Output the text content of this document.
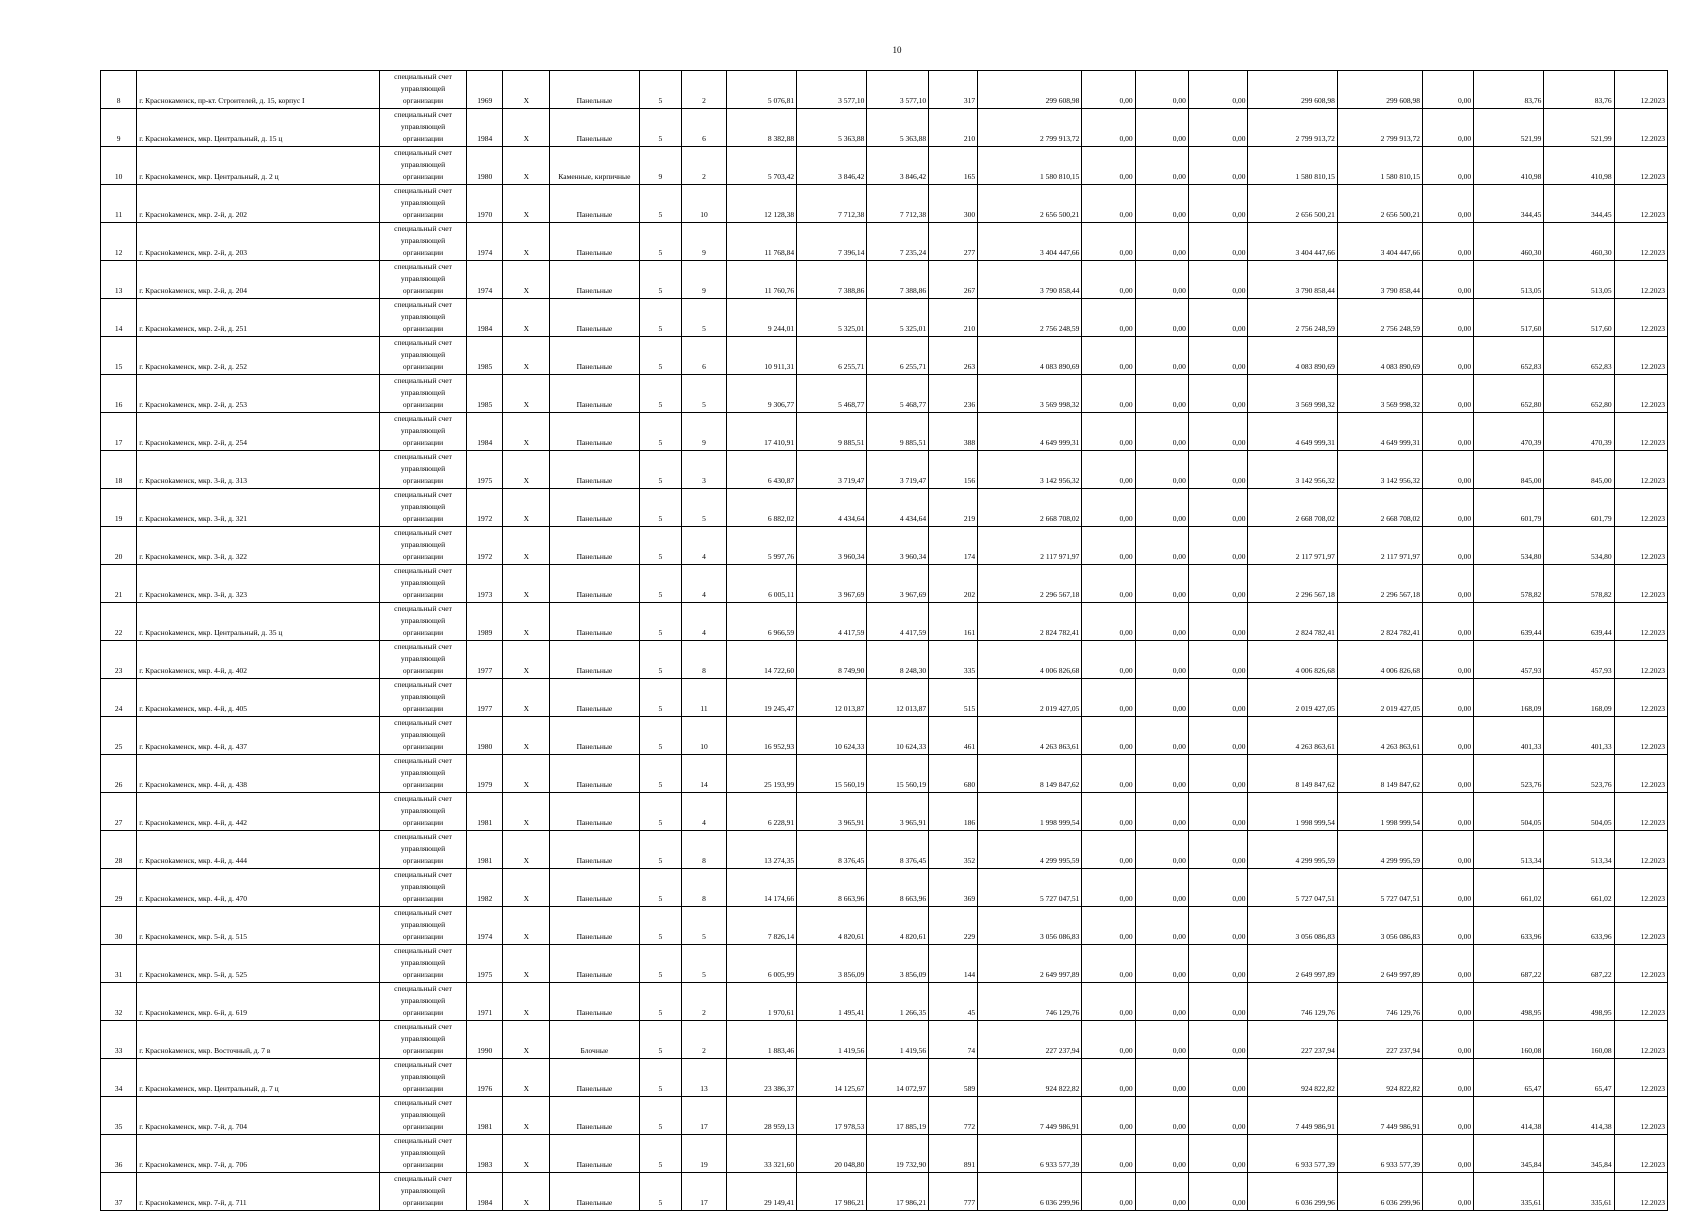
10
8	г. Краснокаменск, пр-кт. Строителей, д. 15, корпус I	специальный счет управляющей организации	1969	Х	Панельные	5	2	5 076,81	3 577,10	3 577,10	317	299 608,98	0,00	0,00	0,00	299 608,98	299 608,98	0,00	83,76	83,76	12.2023
9	г. Красноkаменск, мкр. Центральный, д. 15 ц	специальный счет управляющей организации	1984	Х	Панельные	5	6	8 382,88	5 363,88	5 363,88	210	2 799 913,72	0,00	0,00	0,00	2 799 913,72	2 799 913,72	0,00	521,99	521,99	12.2023
10	г. Красноkаменск, мкр. Центральный, д. 2 ц	специальный счет управляющей организации	1980	Х	Каменные, кирпичные	9	2	5 703,42	3 846,42	3 846,42	165	1 580 810,15	0,00	0,00	0,00	1 580 810,15	1 580 810,15	0,00	410,98	410,98	12.2023
11	г. Красноkаменск, мкр. 2-й, д. 202	специальный счет управляющей организации	1970	Х	Панельные	5	10	12 128,38	7 712,38	7 712,38	300	2 656 500,21	0,00	0,00	0,00	2 656 500,21	2 656 500,21	0,00	344,45	344,45	12.2023
12	г. Красноkаменск, мкр. 2-й, д. 203	специальный счет управляющей организации	1974	Х	Панельные	5	9	11 768,84	7 396,14	7 235,24	277	3 404 447,66	0,00	0,00	0,00	3 404 447,66	3 404 447,66	0,00	460,30	460,30	12.2023
13	г. Красноkаменск, мкр. 2-й, д. 204	специальный счет управляющей организации	1974	Х	Панельные	5	9	11 760,76	7 388,86	7 388,86	267	3 790 858,44	0,00	0,00	0,00	3 790 858,44	3 790 858,44	0,00	513,05	513,05	12.2023
14	г. Красноkаменск, мкр. 2-й, д. 251	специальный счет управляющей организации	1984	Х	Панельные	5	5	9 244,01	5 325,01	5 325,01	210	2 756 248,59	0,00	0,00	0,00	2 756 248,59	2 756 248,59	0,00	517,60	517,60	12.2023
15	г. Красноkаменск, мкр. 2-й, д. 252	специальный счет управляющей организации	1985	Х	Панельные	5	6	10 911,31	6 255,71	6 255,71	263	4 083 890,69	0,00	0,00	0,00	4 083 890,69	4 083 890,69	0,00	652,83	652,83	12.2023
16	г. Красноkаменск, мкр. 2-й, д. 253	специальный счет управляющей организации	1985	Х	Панельные	5	5	9 306,77	5 468,77	5 468,77	236	3 569 998,32	0,00	0,00	0,00	3 569 998,32	3 569 998,32	0,00	652,80	652,80	12.2023
17	г. Красноkаменск, мкр. 2-й, д. 254	специальный счет управляющей организации	1984	Х	Панельные	5	9	17 410,91	9 885,51	9 885,51	388	4 649 999,31	0,00	0,00	0,00	4 649 999,31	4 649 999,31	0,00	470,39	470,39	12.2023
18	г. Красноkаменск, мкр. 3-й, д. 313	специальный счет управляющей организации	1975	Х	Панельные	5	3	6 430,87	3 719,47	3 719,47	156	3 142 956,32	0,00	0,00	0,00	3 142 956,32	3 142 956,32	0,00	845,00	845,00	12.2023
19	г. Красноkаменск, мкр. 3-й, д. 321	специальный счет управляющей организации	1972	Х	Панельные	5	5	6 882,02	4 434,64	4 434,64	219	2 668 708,02	0,00	0,00	0,00	2 668 708,02	2 668 708,02	0,00	601,79	601,79	12.2023
20	г. Красноkаменск, мкр. 3-й, д. 322	специальный счет управляющей организации	1972	Х	Панельные	5	4	5 997,76	3 960,34	3 960,34	174	2 117 971,97	0,00	0,00	0,00	2 117 971,97	2 117 971,97	0,00	534,80	534,80	12.2023
21	г. Красноkаменск, мкр. 3-й, д. 323	специальный счет управляющей организации	1973	Х	Панельные	5	4	6 005,11	3 967,69	3 967,69	202	2 296 567,18	0,00	0,00	0,00	2 296 567,18	2 296 567,18	0,00	578,82	578,82	12.2023
22	г. Красноkаменск, мкр. Центральный, д. 35 ц	специальный счет управляющей организации	1989	Х	Панельные	5	4	6 966,59	4 417,59	4 417,59	161	2 824 782,41	0,00	0,00	0,00	2 824 782,41	2 824 782,41	0,00	639,44	639,44	12.2023
23	г. Красноkаменск, мкр. 4-й, д. 402	специальный счет управляющей организации	1977	Х	Панельные	5	8	14 722,60	8 749,90	8 248,30	335	4 006 826,68	0,00	0,00	0,00	4 006 826,68	4 006 826,68	0,00	457,93	457,93	12.2023
24	г. Красноkаменск, мкр. 4-й, д. 405	специальный счет управляющей организации	1977	Х	Панельные	5	11	19 245,47	12 013,87	12 013,87	515	2 019 427,05	0,00	0,00	0,00	2 019 427,05	2 019 427,05	0,00	168,09	168,09	12.2023
25	г. Красноkаменск, мкр. 4-й, д. 437	специальный счет управляющей организации	1980	Х	Панельные	5	10	16 952,93	10 624,33	10 624,33	461	4 263 863,61	0,00	0,00	0,00	4 263 863,61	4 263 863,61	0,00	401,33	401,33	12.2023
26	г. Красноkаменск, мкр. 4-й, д. 438	специальный счет управляющей организации	1979	Х	Панельные	5	14	25 193,99	15 560,19	15 560,19	680	8 149 847,62	0,00	0,00	0,00	8 149 847,62	8 149 847,62	0,00	523,76	523,76	12.2023
27	г. Красноkаменск, мкр. 4-й, д. 442	специальный счет управляющей организации	1981	Х	Панельные	5	4	6 228,91	3 965,91	3 965,91	186	1 998 999,54	0,00	0,00	0,00	1 998 999,54	1 998 999,54	0,00	504,05	504,05	12.2023
28	г. Красноkаменск, мкр. 4-й, д. 444	специальный счет управляющей организации	1981	Х	Панельные	5	8	13 274,35	8 376,45	8 376,45	352	4 299 995,59	0,00	0,00	0,00	4 299 995,59	4 299 995,59	0,00	513,34	513,34	12.2023
29	г. Красноkаменск, мкр. 4-й, д. 470	специальный счет управляющей организации	1982	Х	Панельные	5	8	14 174,66	8 663,96	8 663,96	369	5 727 047,51	0,00	0,00	0,00	5 727 047,51	5 727 047,51	0,00	661,02	661,02	12.2023
30	г. Красноkаменск, мкр. 5-й, д. 515	специальный счет управляющей организации	1974	Х	Панельные	5	5	7 826,14	4 820,61	4 820,61	229	3 056 086,83	0,00	0,00	0,00	3 056 086,83	3 056 086,83	0,00	633,96	633,96	12.2023
31	г. Красноkаменск, мкр. 5-й, д. 525	специальный счет управляющей организации	1975	Х	Панельные	5	5	6 005,99	3 856,09	3 856,09	144	2 649 997,89	0,00	0,00	0,00	2 649 997,89	2 649 997,89	0,00	687,22	687,22	12.2023
32	г. Красноkаменск, мкр. 6-й, д. 619	специальный счет управляющей организации	1971	Х	Панельные	5	2	1 970,61	1 495,41	1 266,35	45	746 129,76	0,00	0,00	0,00	746 129,76	746 129,76	0,00	498,95	498,95	12.2023
33	г. Красноkаменск, мкр. Восточный, д. 7 в	специальный счет управляющей организации	1990	Х	Блочные	5	2	1 883,46	1 419,56	1 419,56	74	227 237,94	0,00	0,00	0,00	227 237,94	227 237,94	0,00	160,08	160,08	12.2023
34	г. Красноkаменск, мкр. Центральный, д. 7 ц	специальный счет управляющей организации	1976	Х	Панельные	5	13	23 386,37	14 125,67	14 072,97	589	924 822,82	0,00	0,00	0,00	924 822,82	924 822,82	0,00	65,47	65,47	12.2023
35	г. Красноkаменск, мкр. 7-й, д. 704	специальный счет управляющей организации	1981	Х	Панельные	5	17	28 959,13	17 978,53	17 885,19	772	7 449 986,91	0,00	0,00	0,00	7 449 986,91	7 449 986,91	0,00	414,38	414,38	12.2023
36	г. Красноkаменск, мкр. 7-й, д. 706	специальный счет управляющей организации	1983	Х	Панельные	5	19	33 321,60	20 048,80	19 732,90	891	6 933 577,39	0,00	0,00	0,00	6 933 577,39	6 933 577,39	0,00	345,84	345,84	12.2023
37	г. Красноkаменск, мкр. 7-й, д. 711	специальный счет управляющей организации	1984	Х	Панельные	5	17	29 149,41	17 986,21	17 986,21	777	6 036 299,96	0,00	0,00	0,00	6 036 299,96	6 036 299,96	0,00	335,61	335,61	12.2023
